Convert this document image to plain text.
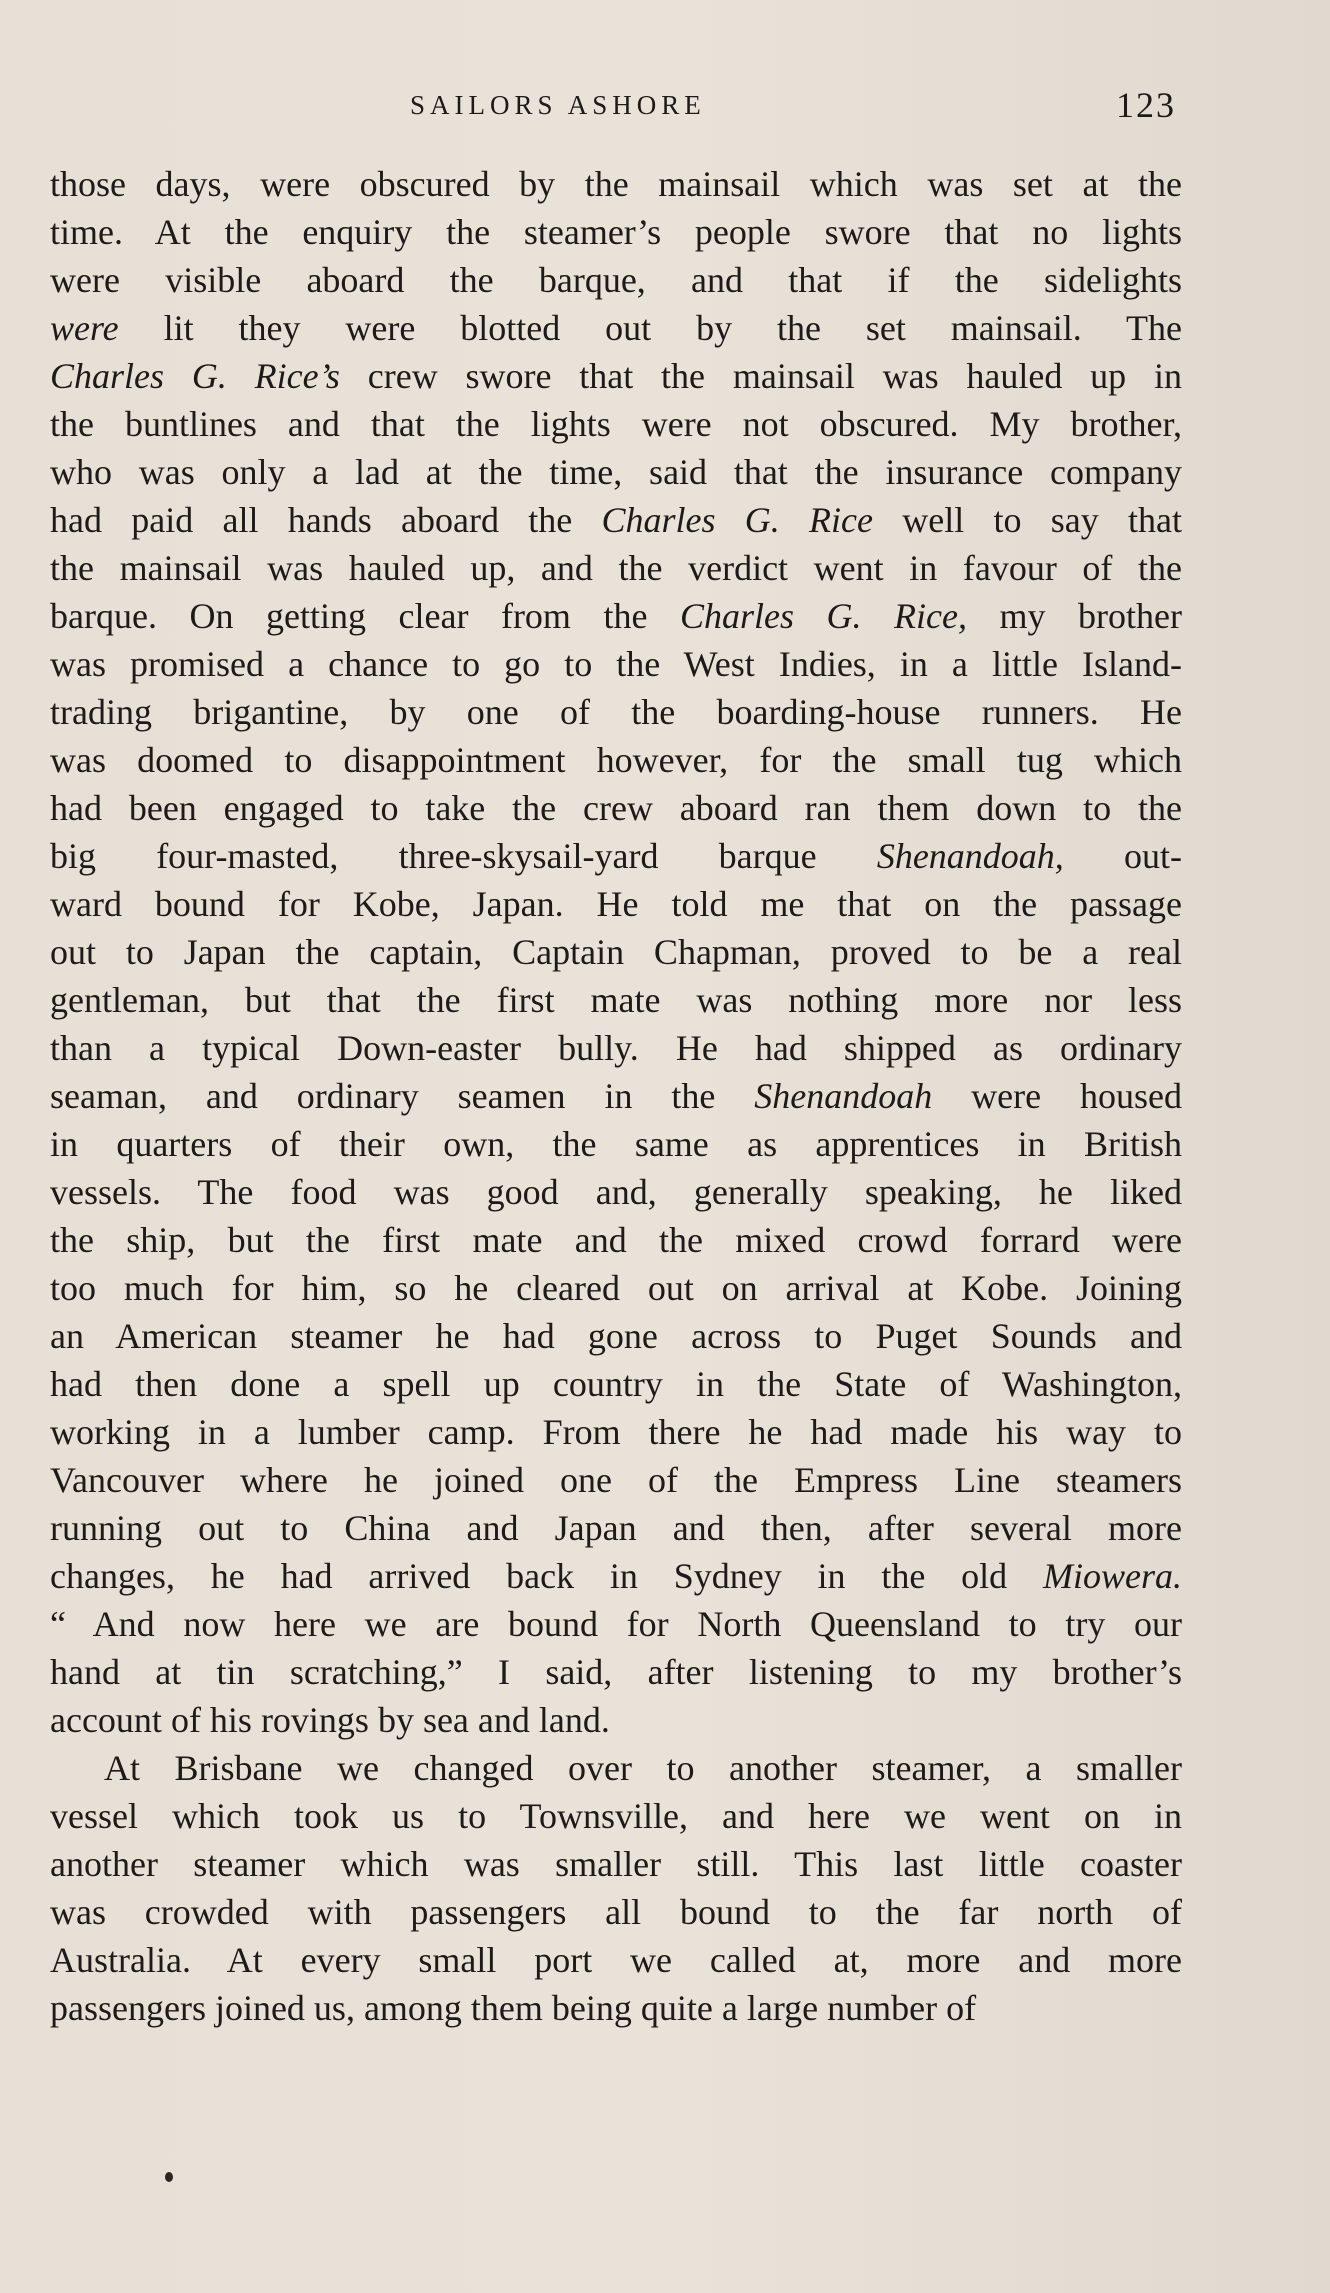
SAILORS ASHORE	123
those days, were obscured by the mainsail which was set at the
time. At the enquiry the steamer’s people swore that no lights
were visible aboard the barque, and that if the sidelights
were lit they were blotted out by the set mainsail. The
Charles G. Rice’s crew swore that the mainsail was hauled up in
the buntlines and that the lights were not obscured. My brother,
who was only a lad at the time, said that the insurance company
had paid all hands aboard the Charles G. Rice well to say that
the mainsail was hauled up, and the verdict went in favour of the
barque. On getting clear from the Charles G. Rice, my brother
was promised a chance to go to the West Indies, in a little Island-
trading brigantine, by one of the boarding-house runners. He
was doomed to disappointment however, for the small tug which
had been engaged to take the crew aboard ran them down to the
big four-masted, three-skysail-yard barque Shenandoah, out-
ward bound for Kobe, Japan. He told me that on the passage
out to Japan the captain, Captain Chapman, proved to be a real
gentleman, but that the first mate was nothing more nor less
than a typical Down-easter bully. He had shipped as ordinary
seaman, and ordinary seamen in the Shenandoah were housed
in quarters of their own, the same as apprentices in British
vessels. The food was good and, generally speaking, he liked
the ship, but the first mate and the mixed crowd forrard were
too much for him, so he cleared out on arrival at Kobe. Joining
an American steamer he had gone across to Puget Sounds and
had then done a spell up country in the State of Washington,
working in a lumber camp. From there he had made his way to
Vancouver where he joined one of the Empress Line steamers
running out to China and Japan and then, after several more
changes, he had arrived back in Sydney in the old Miowera.
“ And now here we are bound for North Queensland to try our
hand at tin scratching,” I said, after listening to my brother’s
account of his rovings by sea and land.
At Brisbane we changed over to another steamer, a smaller
vessel which took us to Townsville, and here we went on in
another steamer which was smaller still. This last little coaster
was crowded with passengers all bound to the far north of
Australia. At every small port we called at, more and more
passengers joined us, among them being quite a large number of
